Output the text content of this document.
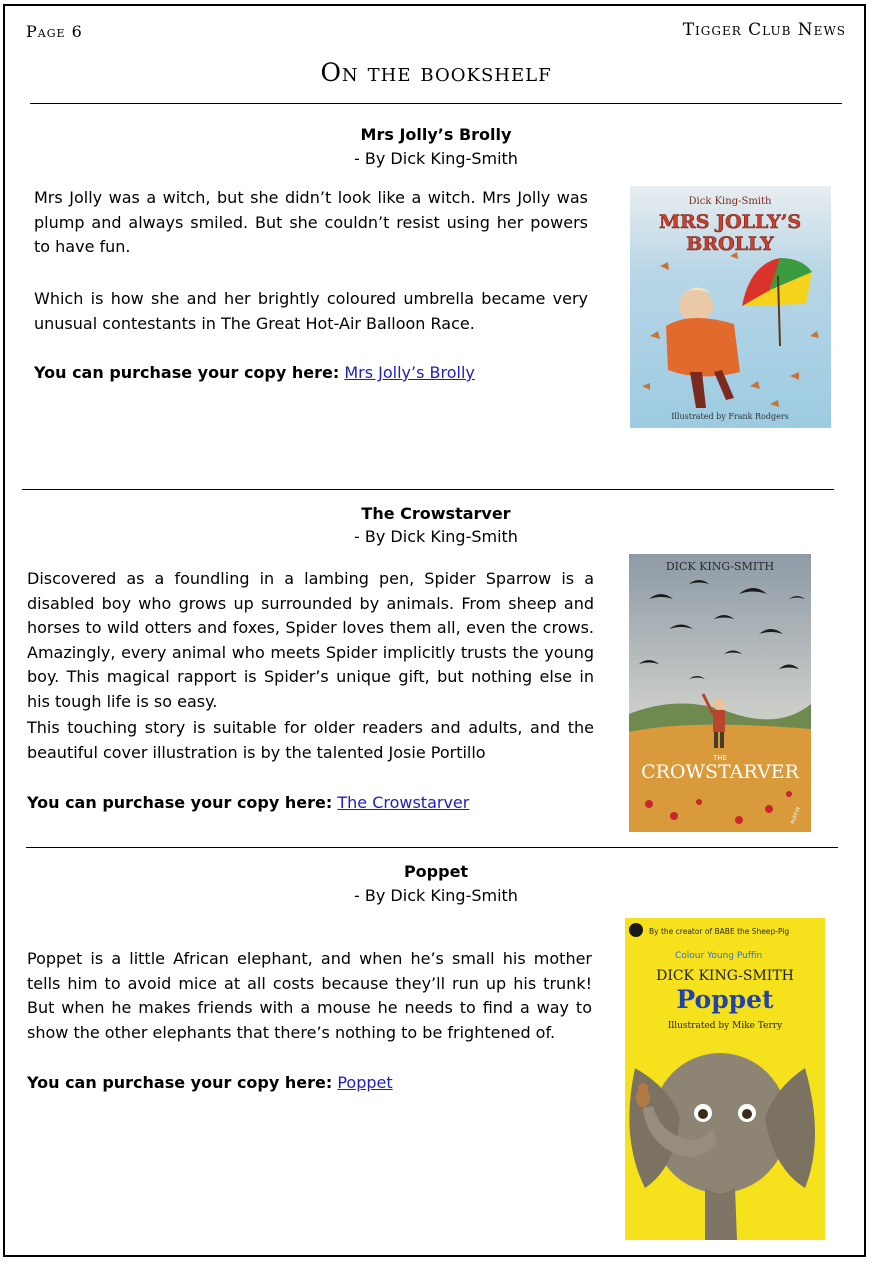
Page 6	Tigger Club News
On the bookshelf
Mrs Jolly’s Brolly
- By Dick King-Smith

Mrs Jolly was a witch, but she didn’t look like a witch. Mrs Jolly was plump and always smiled. But she couldn’t resist using her powers to have fun.

Which is how she and her brightly coloured umbrella became very unusual contestants in The Great Hot-Air Balloon Race.

You can purchase your copy here: Mrs Jolly’s Brolly
Dick King-Smith
MRS JOLLY’S
BROLLY
Illustrated by Frank Rodgers
The Crowstarver
- By Dick King-Smith

Discovered as a foundling in a lambing pen, Spider Sparrow is a disabled boy who grows up surrounded by animals. From sheep and horses to wild otters and foxes, Spider loves them all, even the crows. Amazingly, every animal who meets Spider implicitly trusts the young boy. This magical rapport is Spider’s unique gift, but nothing else in his tough life is so easy.

This touching story is suitable for older readers and adults, and the beautiful cover illustration is by the talented Josie Portillo

You can purchase your copy here: The Crowstarver
DICK KING-SMITH
THE
CROWSTARVER
PUFFIN
Poppet
- By Dick King-Smith

Poppet is a little African elephant, and when he’s small his mother tells him to avoid mice at all costs because they’ll run up his trunk! But when he makes friends with a mouse he needs to find a way to show the other elephants that there’s nothing to be frightened of.

You can purchase your copy here: Poppet
By the creator of BABE the Sheep-Pig
Colour Young Puffin
DICK KING-SMITH
Poppet
Illustrated by Mike Terry
